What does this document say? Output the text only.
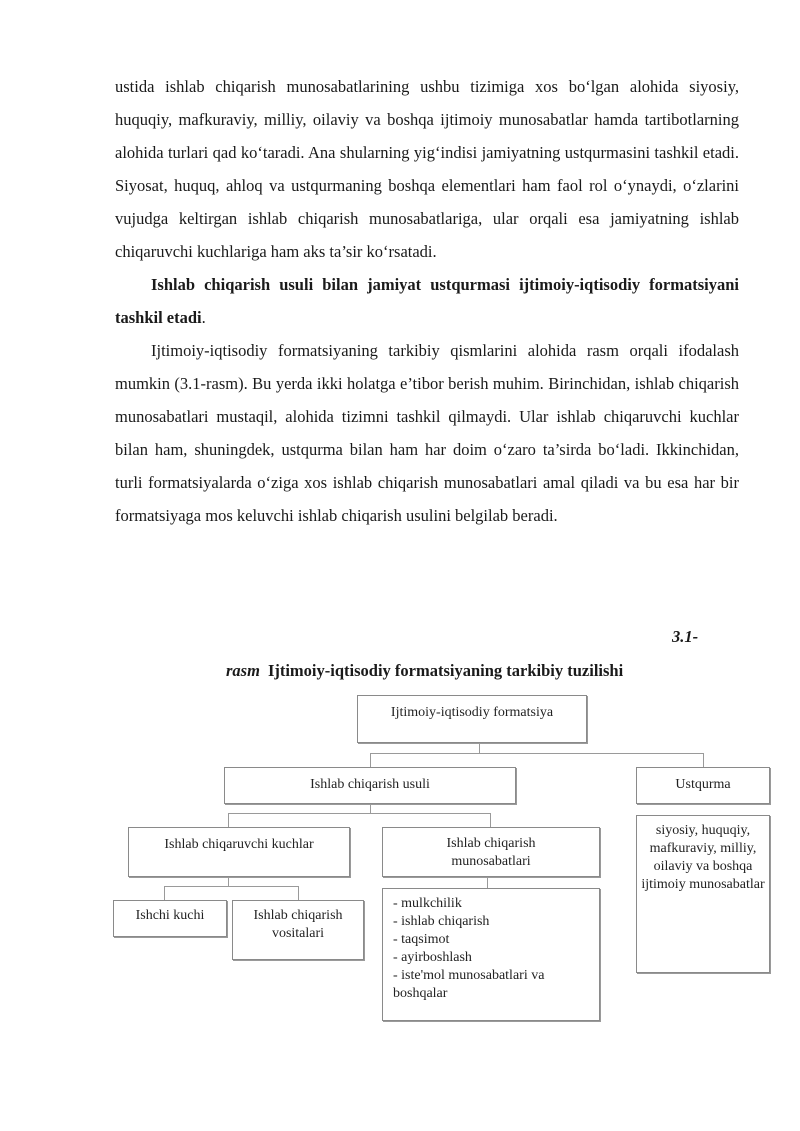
ustida ishlab chiqarish munosabatlarining ushbu tizimiga xos bo‘lgan alohida siyosiy, huquqiy, mafkuraviy, milliy, oilaviy va boshqa ijtimoiy munosabatlar hamda tartibotlarning alohida turlari qad ko‘taradi. Ana shularning yig‘indisi jamiyatning ustqurmasini tashkil etadi. Siyosat, huquq, ahloq va ustqurmaning boshqa elementlari ham faol rol o‘ynaydi, o‘zlarini vujudga keltirgan ishlab chiqarish munosabatlariga, ular orqali esa jamiyatning ishlab chiqaruvchi kuchlariga ham aks ta’sir ko‘rsatadi.

Ishlab chiqarish usuli bilan jamiyat ustqurmasi ijtimoiy-iqtisodiy formatsiyani tashkil etadi.

Ijtimoiy-iqtisodiy formatsiyaning tarkibiy qismlarini alohida rasm orqali ifodalash mumkin (3.1-rasm). Bu yerda ikki holatga e’tibor berish muhim. Birinchidan, ishlab chiqarish munosabatlari mustaqil, alohida tizimni tashkil qilmaydi. Ular ishlab chiqaruvchi kuchlar bilan ham, shuningdek, ustqurma bilan ham har doim o‘zaro ta’sirda bo‘ladi. Ikkinchidan, turli formatsiyalarda o‘ziga xos ishlab chiqarish munosabatlari amal qiladi va bu esa har bir formatsiyaga mos keluvchi ishlab chiqarish usulini belgilab beradi.

3.1-
rasm Ijtimoiy-iqtisodiy formatsiyaning tarkibiy tuzilishi
Ijtimoiy-iqtisodiy formatsiya
Ishlab chiqarish usuli	Ustqurma
Ishlab chiqaruvchi kuchlar	Ishlab chiqarish munosabatlari
siyosiy, huquqiy, mafkuraviy, milliy, oilaviy va boshqa ijtimoiy munosabatlar
Ishchi kuchi	Ishlab chiqarish vositalari
- mulkchilik
- ishlab chiqarish
- taqsimot
- ayirboshlash
- iste'mol munosabatlari va boshqalar
